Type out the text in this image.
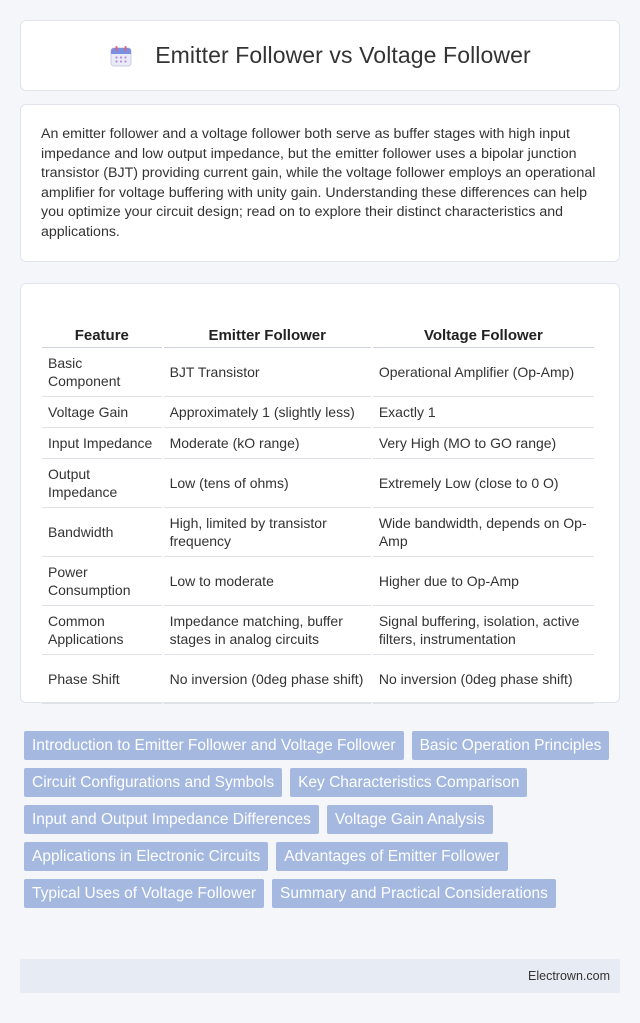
Emitter Follower vs Voltage Follower

An emitter follower and a voltage follower both serve as buffer stages with high input impedance and low output impedance, but the emitter follower uses a bipolar junction transistor (BJT) providing current gain, while the voltage follower employs an operational amplifier for voltage buffering with unity gain. Understanding these differences can help you optimize your circuit design; read on to explore their distinct characteristics and applications.

Feature	Emitter Follower	Voltage Follower
Basic Component	BJT Transistor	Operational Amplifier (Op-Amp)
Voltage Gain	Approximately 1 (slightly less)	Exactly 1
Input Impedance	Moderate (kO range)	Very High (MO to GO range)
Output Impedance	Low (tens of ohms)	Extremely Low (close to 0 O)
Bandwidth	High, limited by transistor frequency	Wide bandwidth, depends on Op-Amp
Power Consumption	Low to moderate	Higher due to Op-Amp
Common Applications	Impedance matching, buffer stages in analog circuits	Signal buffering, isolation, active filters, instrumentation
Phase Shift	No inversion (0deg phase shift)	No inversion (0deg phase shift)
Introduction to Emitter Follower and Voltage Follower	Basic Operation Principles
Circuit Configurations and Symbols	Key Characteristics Comparison
Input and Output Impedance Differences	Voltage Gain Analysis
Applications in Electronic Circuits	Advantages of Emitter Follower
Typical Uses of Voltage Follower	Summary and Practical Considerations
Electrown.com
